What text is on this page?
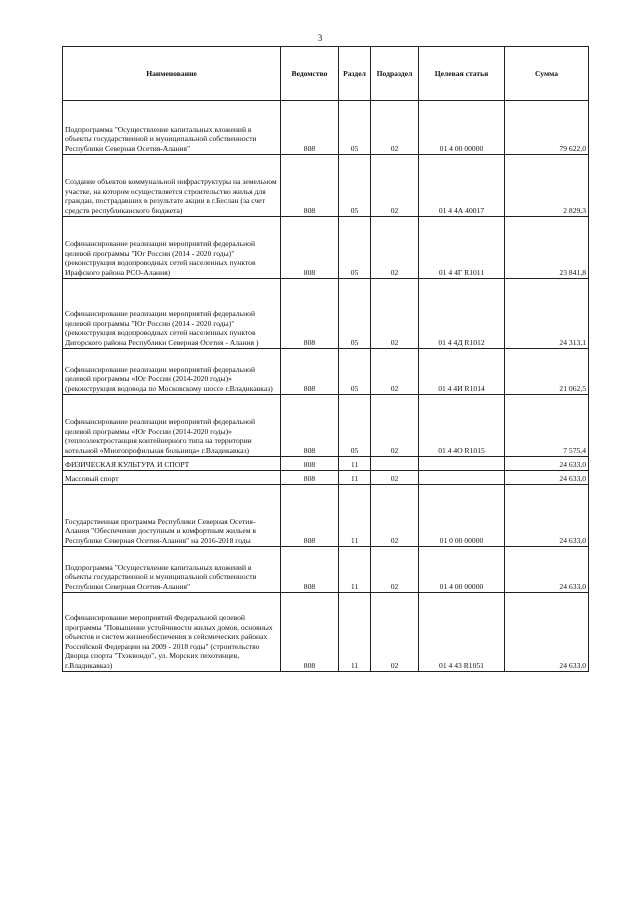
3
Наименование	Ведомство	Раздел	Подраздел	Целевая статья	Сумма
Подпрограмма "Осуществление капитальных вложений в объекты государственной и муниципальной собственности Республики Северная Осетия-Алания"	808	05	02	01 4 00 00000	79 622,0
Создание объектов коммунальной инфраструктуры на земельном участке, на котором осуществляется строительство жилья для граждан, пострадавших в результате акции в г.Беслан (за счет средств республиканского бюджета)	808	05	02	01 4 4А 40017	2 829,3
Софинансирование реализации мероприятий федеральной целевой программы "Юг России (2014 - 2020 годы)" (реконструкция водопроводных сетей населенных пунктов Ирафского района РСО-Алания)	808	05	02	01 4 4Г R1011	23 841,8
Софинансирование реализации мероприятий федеральной целевой программы "Юг России (2014 - 2020 годы)" (реконструкция водопроводных сетей населенных пунктов Дигорского района Республики Северная Осетия - Алания )	808	05	02	01 4 4Д R1012	24 313,1
Софинансирование реализации мероприятий федеральной целевой программы «Юг России (2014-2020 годы)» (реконструкция водовода по Московскому шоссе г.Владикавказ)	808	05	02	01 4 4И R1014	21 062,5
Софинансирование реализации мероприятий федеральной целевой программы «Юг России (2014-2020 годы)» (теплоэлектростанция контейнерного типа на территории котельной «Многопрофильная больница» г.Владикавказ)	808	05	02	01 4 4О R1015	7 575,4
ФИЗИЧЕСКАЯ КУЛЬТУРА И СПОРТ	808	11			24 633,0
Массовый спорт	808	11	02		24 633,0
Государственная программа Республики Северная Осетия-Алания "Обеспечение доступным и комфортным жильем в Республике Северная Осетия-Алания" на 2016-2018 годы	808	11	02	01 0 00 00000	24 633,0
Подпрограмма "Осуществление капитальных вложений в объекты государственной и муниципальной собственности Республики Северная Осетия-Алания"	808	11	02	01 4 00 00000	24 633,0
Софинансирование мероприятий Федеральной целевой программы "Повышение устойчивости жилых домов, основных объектов и систем жизнеобеспечения в сейсмических районах Российской Федерации на 2009 - 2018 годы" (строительство Дворца спорта "Тхэквондо", ул. Морских пехотинцев, г.Владикавказ)	808	11	02	01 4 43 R1051	24 633,0
